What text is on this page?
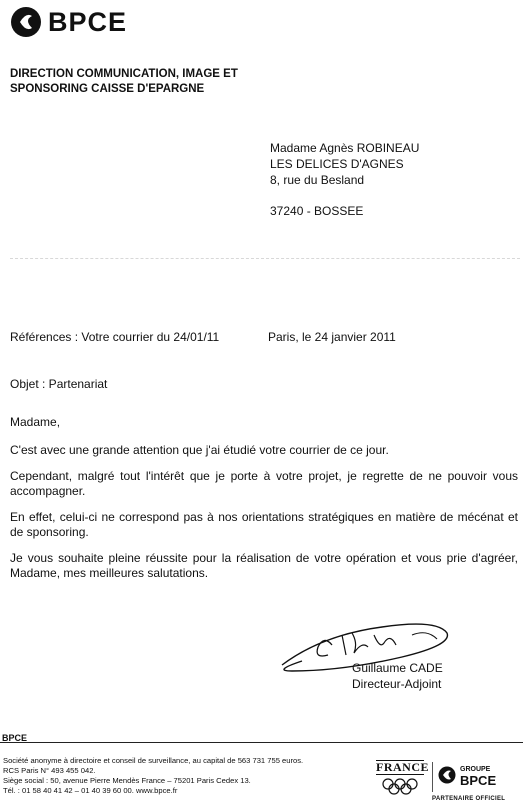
BPCE
DIRECTION COMMUNICATION, IMAGE ET
SPONSORING CAISSE D'EPARGNE
Madame Agnès ROBINEAU
LES DELICES D'AGNES
8, rue du Besland
37240 - BOSSEE
Références : Votre courrier du 24/01/11	Paris, le 24 janvier 2011
Objet : Partenariat

Madame,

C'est avec une grande attention que j'ai étudié votre courrier de ce jour.

Cependant, malgré tout l'intérêt que je porte à votre projet, je regrette de ne pouvoir vous accompagner.

En effet, celui-ci ne correspond pas à nos orientations stratégiques en matière de mécénat et de sponsoring.

Je vous souhaite pleine réussite pour la réalisation de votre opération et vous prie d'agréer, Madame, mes meilleures salutations.

Guillaume CADE
Directeur-Adjoint
BPCE
Société anonyme à directoire et conseil de surveillance, au capital de 563 731 755 euros.
RCS Paris N° 493 455 042.
Siège social : 50, avenue Pierre Mendès France – 75201 Paris Cedex 13.
Tél. : 01 58 40 41 42 – 01 40 39 60 00. www.bpce.fr
FRANCE	GROUPE
BPCE
PARTENAIRE OFFICIEL
